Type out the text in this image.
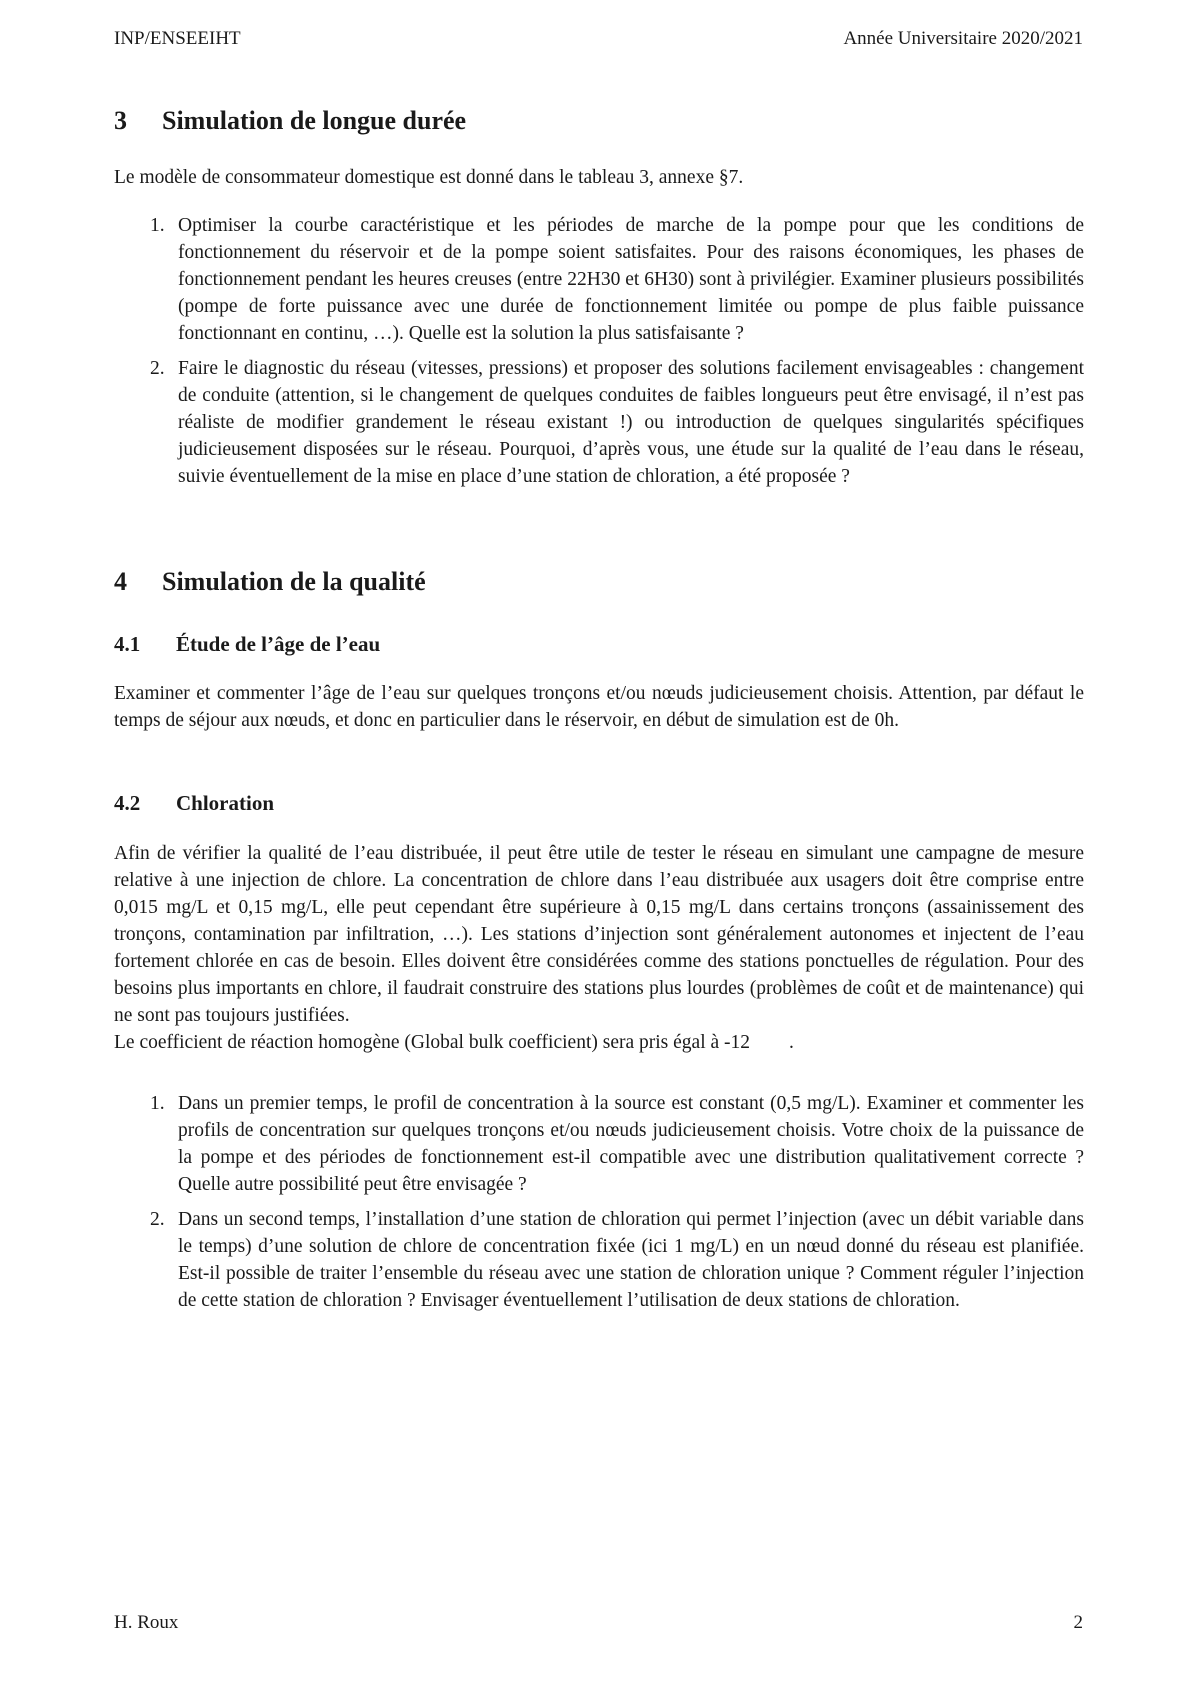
INP/ENSEEIHT	Année Universitaire 2020/2021
3	Simulation de longue durée

Le modèle de consommateur domestique est donné dans le tableau 3, annexe §7.

1. Optimiser la courbe caractéristique et les périodes de marche de la pompe pour que les conditions de fonctionnement du réservoir et de la pompe soient satisfaites. Pour des raisons économiques, les phases de fonctionnement pendant les heures creuses (entre 22H30 et 6H30) sont à privilégier. Examiner plusieurs possibilités (pompe de forte puissance avec une durée de fonctionnement limitée ou pompe de plus faible puissance fonctionnant en continu, …). Quelle est la solution la plus satisfaisante ?
2. Faire le diagnostic du réseau (vitesses, pressions) et proposer des solutions facilement envisageables : changement de conduite (attention, si le changement de quelques conduites de faibles longueurs peut être envisagé, il n’est pas réaliste de modifier grandement le réseau existant !) ou introduction de quelques singularités spécifiques judicieusement disposées sur le réseau. Pourquoi, d’après vous, une étude sur la qualité de l’eau dans le réseau, suivie éventuellement de la mise en place d’une station de chloration, a été proposée ?
4	Simulation de la qualité
4.1	Étude de l’âge de l’eau

Examiner et commenter l’âge de l’eau sur quelques tronçons et/ou nœuds judicieusement choisis. Attention, par défaut le temps de séjour aux nœuds, et donc en particulier dans le réservoir, en début de simulation est de 0h.

4.2	Chloration

Afin de vérifier la qualité de l’eau distribuée, il peut être utile de tester le réseau en simulant une campagne de mesure relative à une injection de chlore. La concentration de chlore dans l’eau distribuée aux usagers doit être comprise entre 0,015 mg/L et 0,15 mg/L, elle peut cependant être supérieure à 0,15 mg/L dans certains tronçons (assainissement des tronçons, contamination par infiltration, …). Les stations d’injection sont généralement autonomes et injectent de l’eau fortement chlorée en cas de besoin. Elles doivent être considérées comme des stations ponctuelles de régulation. Pour des besoins plus importants en chlore, il faudrait construire des stations plus lourdes (problèmes de coût et de maintenance) qui ne sont pas toujours justifiées.

Le coefficient de réaction homogène (Global bulk coefficient) sera pris égal à -12        .

1. Dans un premier temps, le profil de concentration à la source est constant (0,5 mg/L). Examiner et commenter les profils de concentration sur quelques tronçons et/ou nœuds judicieusement choisis. Votre choix de la puissance de la pompe et des périodes de fonctionnement est-il compatible avec une distribution qualitativement correcte ? Quelle autre possibilité peut être envisagée ?
2. Dans un second temps, l’installation d’une station de chloration qui permet l’injection (avec un débit variable dans le temps) d’une solution de chlore de concentration fixée (ici 1 mg/L) en un nœud donné du réseau est planifiée. Est-il possible de traiter l’ensemble du réseau avec une station de chloration unique ? Comment réguler l’injection de cette station de chloration ? Envisager éventuellement l’utilisation de deux stations de chloration.
H. Roux	2
